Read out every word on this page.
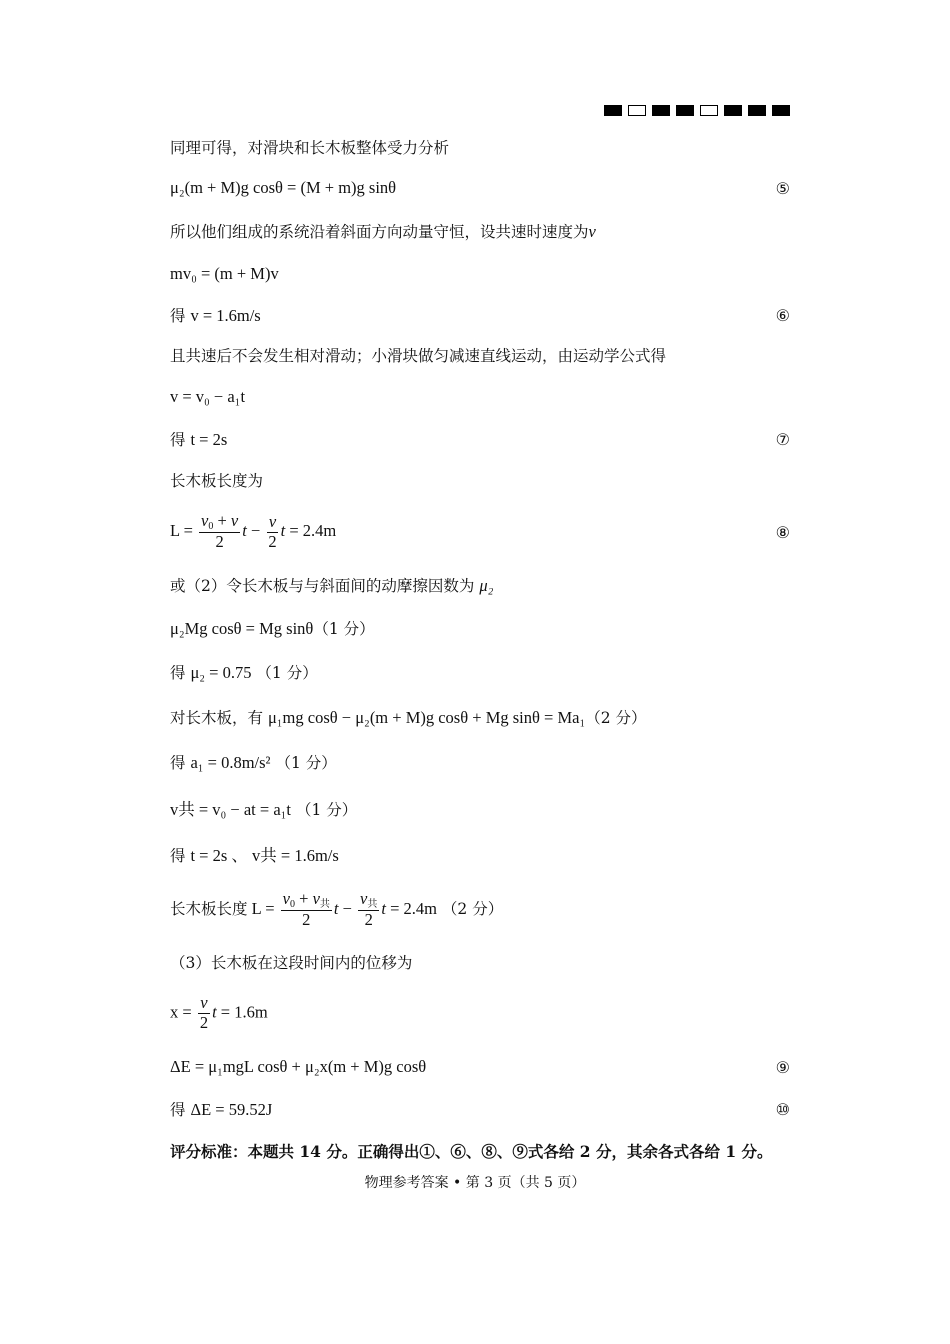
同理可得，对滑块和长木板整体受力分析
μ₂(m + M)g cosθ = (M + m)g sinθ	⑤
所以他们组成的系统沿着斜面方向动量守恒，设共速时速度为v
mv₀ = (m + M)v
得 v = 1.6m/s	⑥
且共速后不会发生相对滑动；小滑块做匀减速直线运动，由运动学公式得
v = v₀ − a₁t
得 t = 2s	⑦
长木板长度为
$L = \frac{v_0 + v}{2}$ $t - \frac{v}{2}$ t = 2.4m	⑧
或（2）令长木板与与斜面间的动摩擦因数为 μ₂
μ₂Mg cosθ = Mg sinθ（1 分）
得 μ₂ = 0.75 （1 分）
对长木板，有 μ₁mg cosθ − μ₂(m + M)g cosθ + Mg sinθ = Ma₁（2 分）
得 a₁ = 0.8m/s² （1 分）
v共 = v₀ − at = a₁t （1 分）
得 t = 2s 、 v共 = 1.6m/s
长木板长度 $L = \frac{v_0 + v_共}{2}$ $t - \frac{v_共}{2}$ t = 2.4m （2 分）
（3）长木板在这段时间内的位移为
$x = \frac{v}{2}$ t = 1.6m
ΔE = μ₁mgL cosθ + μ₂x(m + M)g cosθ	⑨
得 ΔE = 59.52J	⑩
评分标准：本题共 14 分。正确得出①、⑥、⑧、⑨式各给 2 分，其余各式各给 1 分。
物理参考答案 • 第 3 页（共 5 页）
